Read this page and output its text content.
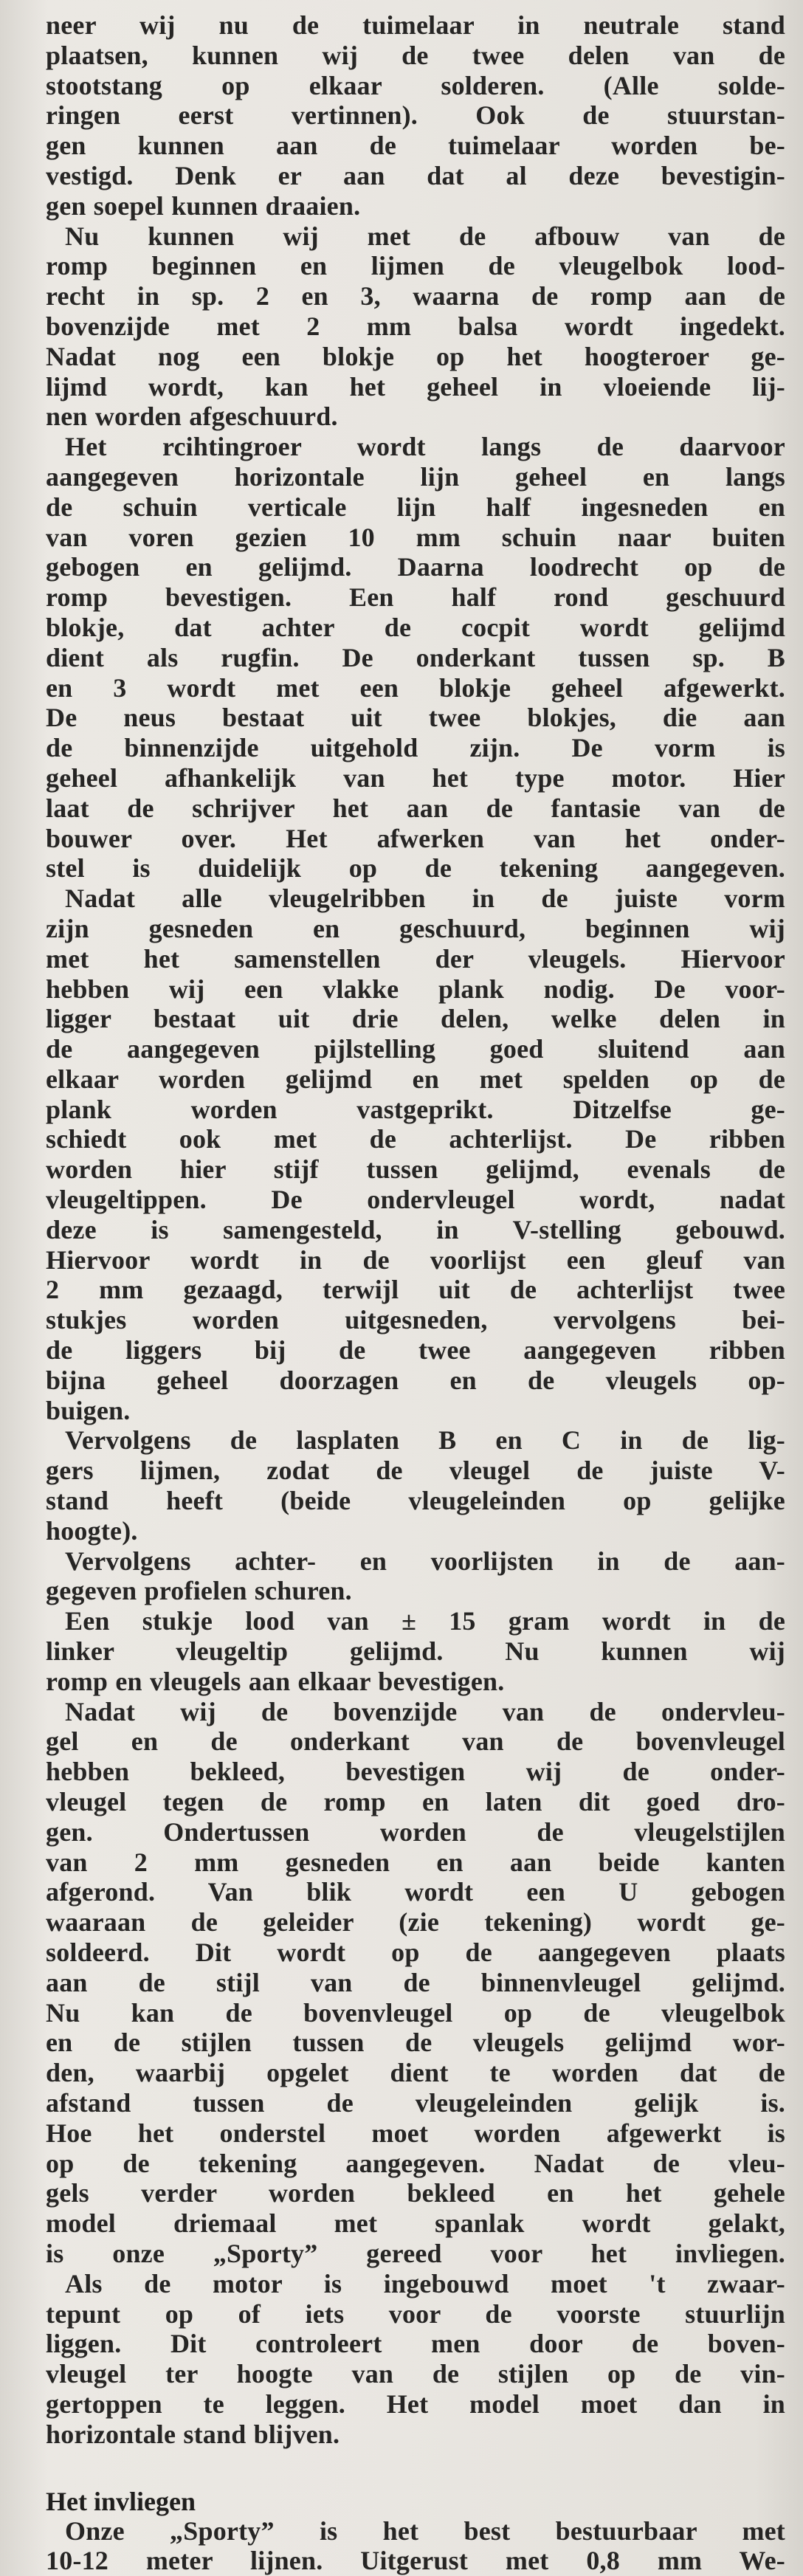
neer wij nu de tuimelaar in neutrale stand

plaatsen, kunnen wij de twee delen van de

stootstang op elkaar solderen. (Alle solde-

ringen eerst vertinnen). Ook de stuurstan-

gen kunnen aan de tuimelaar worden be-

vestigd. Denk er aan dat al deze bevestigin-

gen soepel kunnen draaien.

Nu kunnen wij met de afbouw van de

romp beginnen en lijmen de vleugelbok lood-

recht in sp. 2 en 3, waarna de romp aan de

bovenzijde met 2 mm balsa wordt ingedekt.

Nadat nog een blokje op het hoogteroer ge-

lijmd wordt, kan het geheel in vloeiende lij-

nen worden afgeschuurd.

Het rcihtingroer wordt langs de daarvoor

aangegeven horizontale lijn geheel en langs

de schuin verticale lijn half ingesneden en

van voren gezien 10 mm schuin naar buiten

gebogen en gelijmd. Daarna loodrecht op de

romp bevestigen. Een half rond geschuurd

blokje, dat achter de cocpit wordt gelijmd

dient als rugfin. De onderkant tussen sp. B

en 3 wordt met een blokje geheel afgewerkt.

De neus bestaat uit twee blokjes, die aan

de binnenzijde uitgehold zijn. De vorm is

geheel afhankelijk van het type motor. Hier

laat de schrijver het aan de fantasie van de

bouwer over. Het afwerken van het onder-

stel is duidelijk op de tekening aangegeven.

Nadat alle vleugelribben in de juiste vorm

zijn gesneden en geschuurd, beginnen wij

met het samenstellen der vleugels. Hiervoor

hebben wij een vlakke plank nodig. De voor-

ligger bestaat uit drie delen, welke delen in

de aangegeven pijlstelling goed sluitend aan

elkaar worden gelijmd en met spelden op de

plank worden vastgeprikt. Ditzelfse ge-

schiedt ook met de achterlijst. De ribben

worden hier stijf tussen gelijmd, evenals de

vleugeltippen. De ondervleugel wordt, nadat

deze is samengesteld, in V-stelling gebouwd.

Hiervoor wordt in de voorlijst een gleuf van

2 mm gezaagd, terwijl uit de achterlijst twee

stukjes worden uitgesneden, vervolgens bei-

de liggers bij de twee aangegeven ribben

bijna geheel doorzagen en de vleugels op-

buigen.

Vervolgens de lasplaten B en C in de lig-

gers lijmen, zodat de vleugel de juiste V-

stand heeft (beide vleugeleinden op gelijke

hoogte).

Vervolgens achter- en voorlijsten in de aan-

gegeven profielen schuren.

Een stukje lood van ± 15 gram wordt in de

linker vleugeltip gelijmd. Nu kunnen wij

romp en vleugels aan elkaar bevestigen.

Nadat wij de bovenzijde van de ondervleu-

gel en de onderkant van de bovenvleugel

hebben bekleed, bevestigen wij de onder-

vleugel tegen de romp en laten dit goed dro-

gen. Ondertussen worden de vleugelstijlen

van 2 mm gesneden en aan beide kanten

afgerond. Van blik wordt een U gebogen

waaraan de geleider (zie tekening) wordt ge-

soldeerd. Dit wordt op de aangegeven plaats

aan de stijl van de binnenvleugel gelijmd.

Nu kan de bovenvleugel op de vleugelbok

en de stijlen tussen de vleugels gelijmd wor-

den, waarbij opgelet dient te worden dat de

afstand tussen de vleugeleinden gelijk is.

Hoe het onderstel moet worden afgewerkt is

op de tekening aangegeven. Nadat de vleu-

gels verder worden bekleed en het gehele

model driemaal met spanlak wordt gelakt,

is onze „Sporty” gereed voor het invliegen.

Als de motor is ingebouwd moet 't zwaar-

tepunt op of iets voor de voorste stuurlijn

liggen. Dit controleert men door de boven-

vleugel ter hoogte van de stijlen op de vin-

gertoppen te leggen. Het model moet dan in

horizontale stand blijven.

Het invliegen

Onze „Sporty” is het best bestuurbaar met

10-12 meter lijnen. Uitgerust met 0,8 mm We-
